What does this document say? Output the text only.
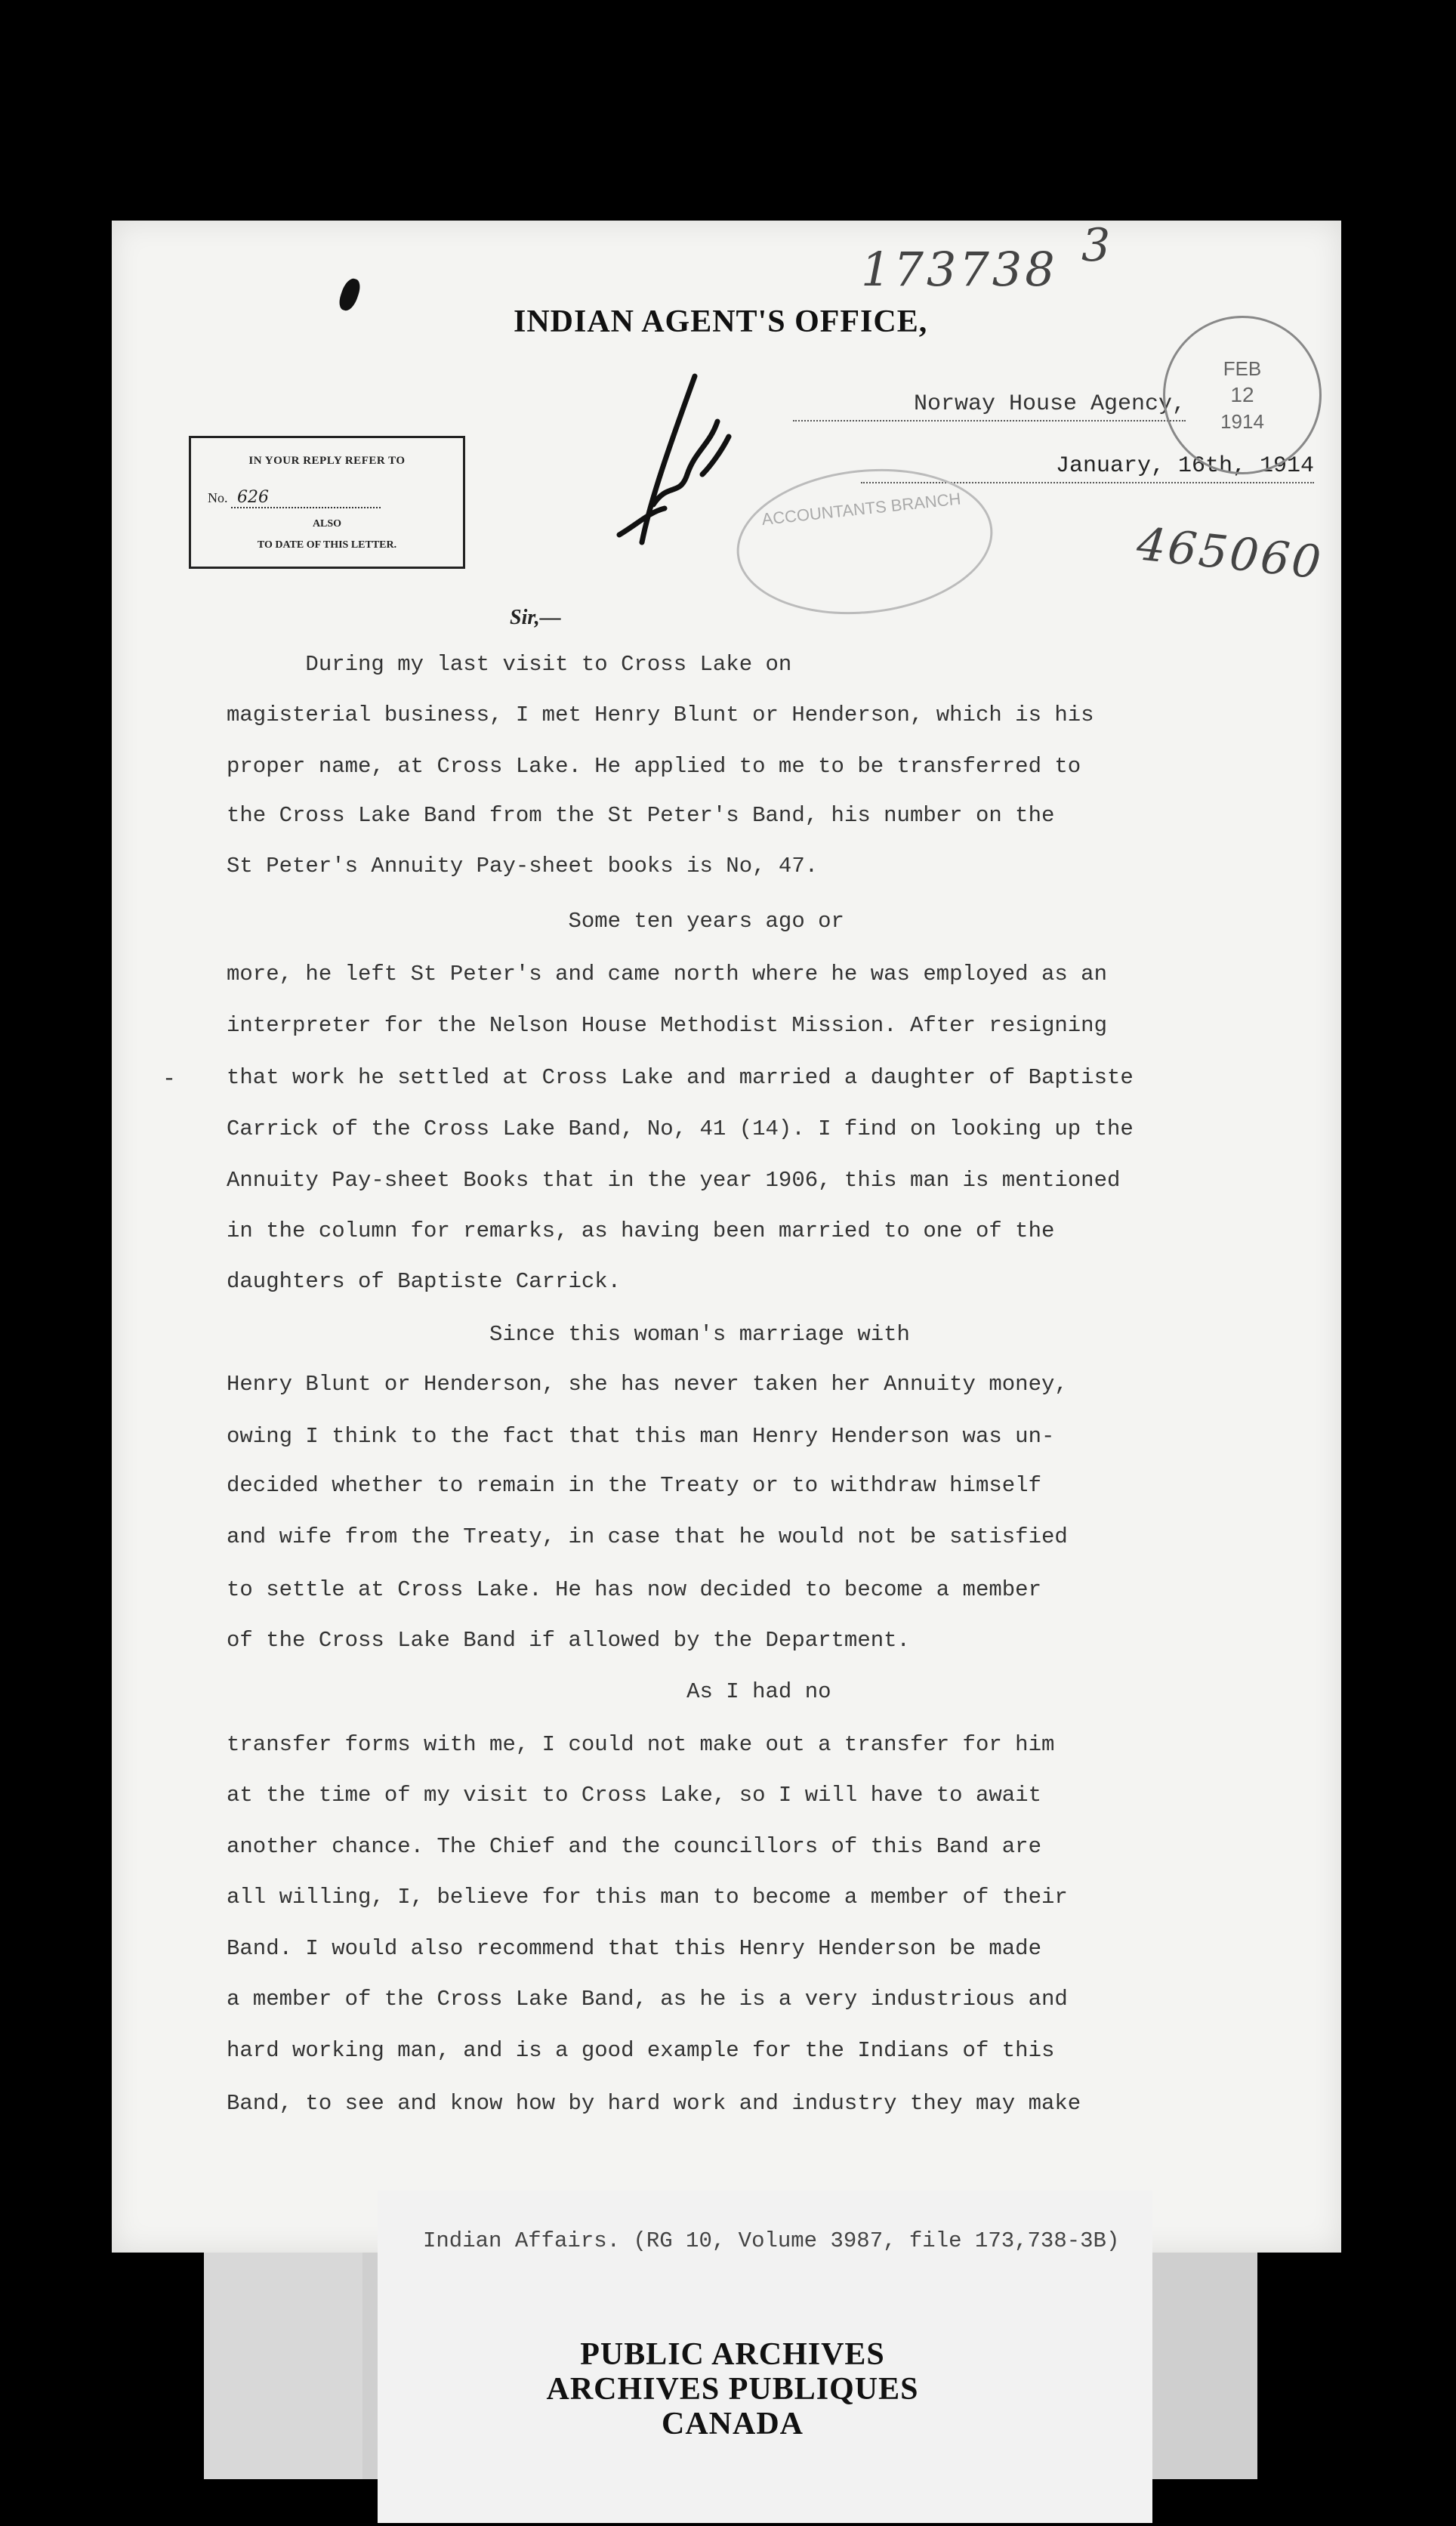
173738 3
465060
INDIAN AGENT'S OFFICE,
IN YOUR REPLY REFER TO
No. 626
ALSO
TO DATE OF THIS LETTER.
Norway House Agency,
January, 16th, 1914
ACCOUNTANTS BRANCH
FEB
12
1914
Sir,—
-
During my last visit to Cross Lake on
magisterial business, I met Henry Blunt or Henderson, which is his
proper name, at Cross Lake. He applied to me to be transferred to
the Cross Lake Band from the St Peter's Band, his number on the
St Peter's Annuity Pay-sheet books is No, 47.
Some ten years ago or
more, he left St Peter's and came north where he was employed as an
interpreter for the Nelson House Methodist Mission. After resigning
that work he settled at Cross Lake and married a daughter of Baptiste
Carrick of the Cross Lake Band, No, 41 (14). I find on looking up the
Annuity Pay-sheet Books that in the year 1906, this man is mentioned
in the column for remarks, as having been married to one of the
daughters of Baptiste Carrick.
Since this woman's marriage with
Henry Blunt or Henderson, she has never taken her Annuity money,
owing I think to the fact that this man Henry Henderson was un-
decided whether to remain in the Treaty or to withdraw himself
and wife from the Treaty, in case that he would not be satisfied
to settle at Cross Lake. He has now decided to become a member
of the Cross Lake Band if allowed by the Department.
As I had no
transfer forms with me, I could not make out a transfer for him
at the time of my visit to Cross Lake, so I will have to await
another chance. The Chief and the councillors of this Band are
all willing, I, believe for this man to become a member of their
Band. I would also recommend that this Henry Henderson be made
a member of the Cross Lake Band, as he is a very industrious and
hard working man, and is a good example for the Indians of this
Band, to see and know how by hard work and industry they may make
Indian Affairs. (RG 10, Volume 3987, file 173,738-3B)
PUBLIC ARCHIVES
ARCHIVES PUBLIQUES
CANADA
